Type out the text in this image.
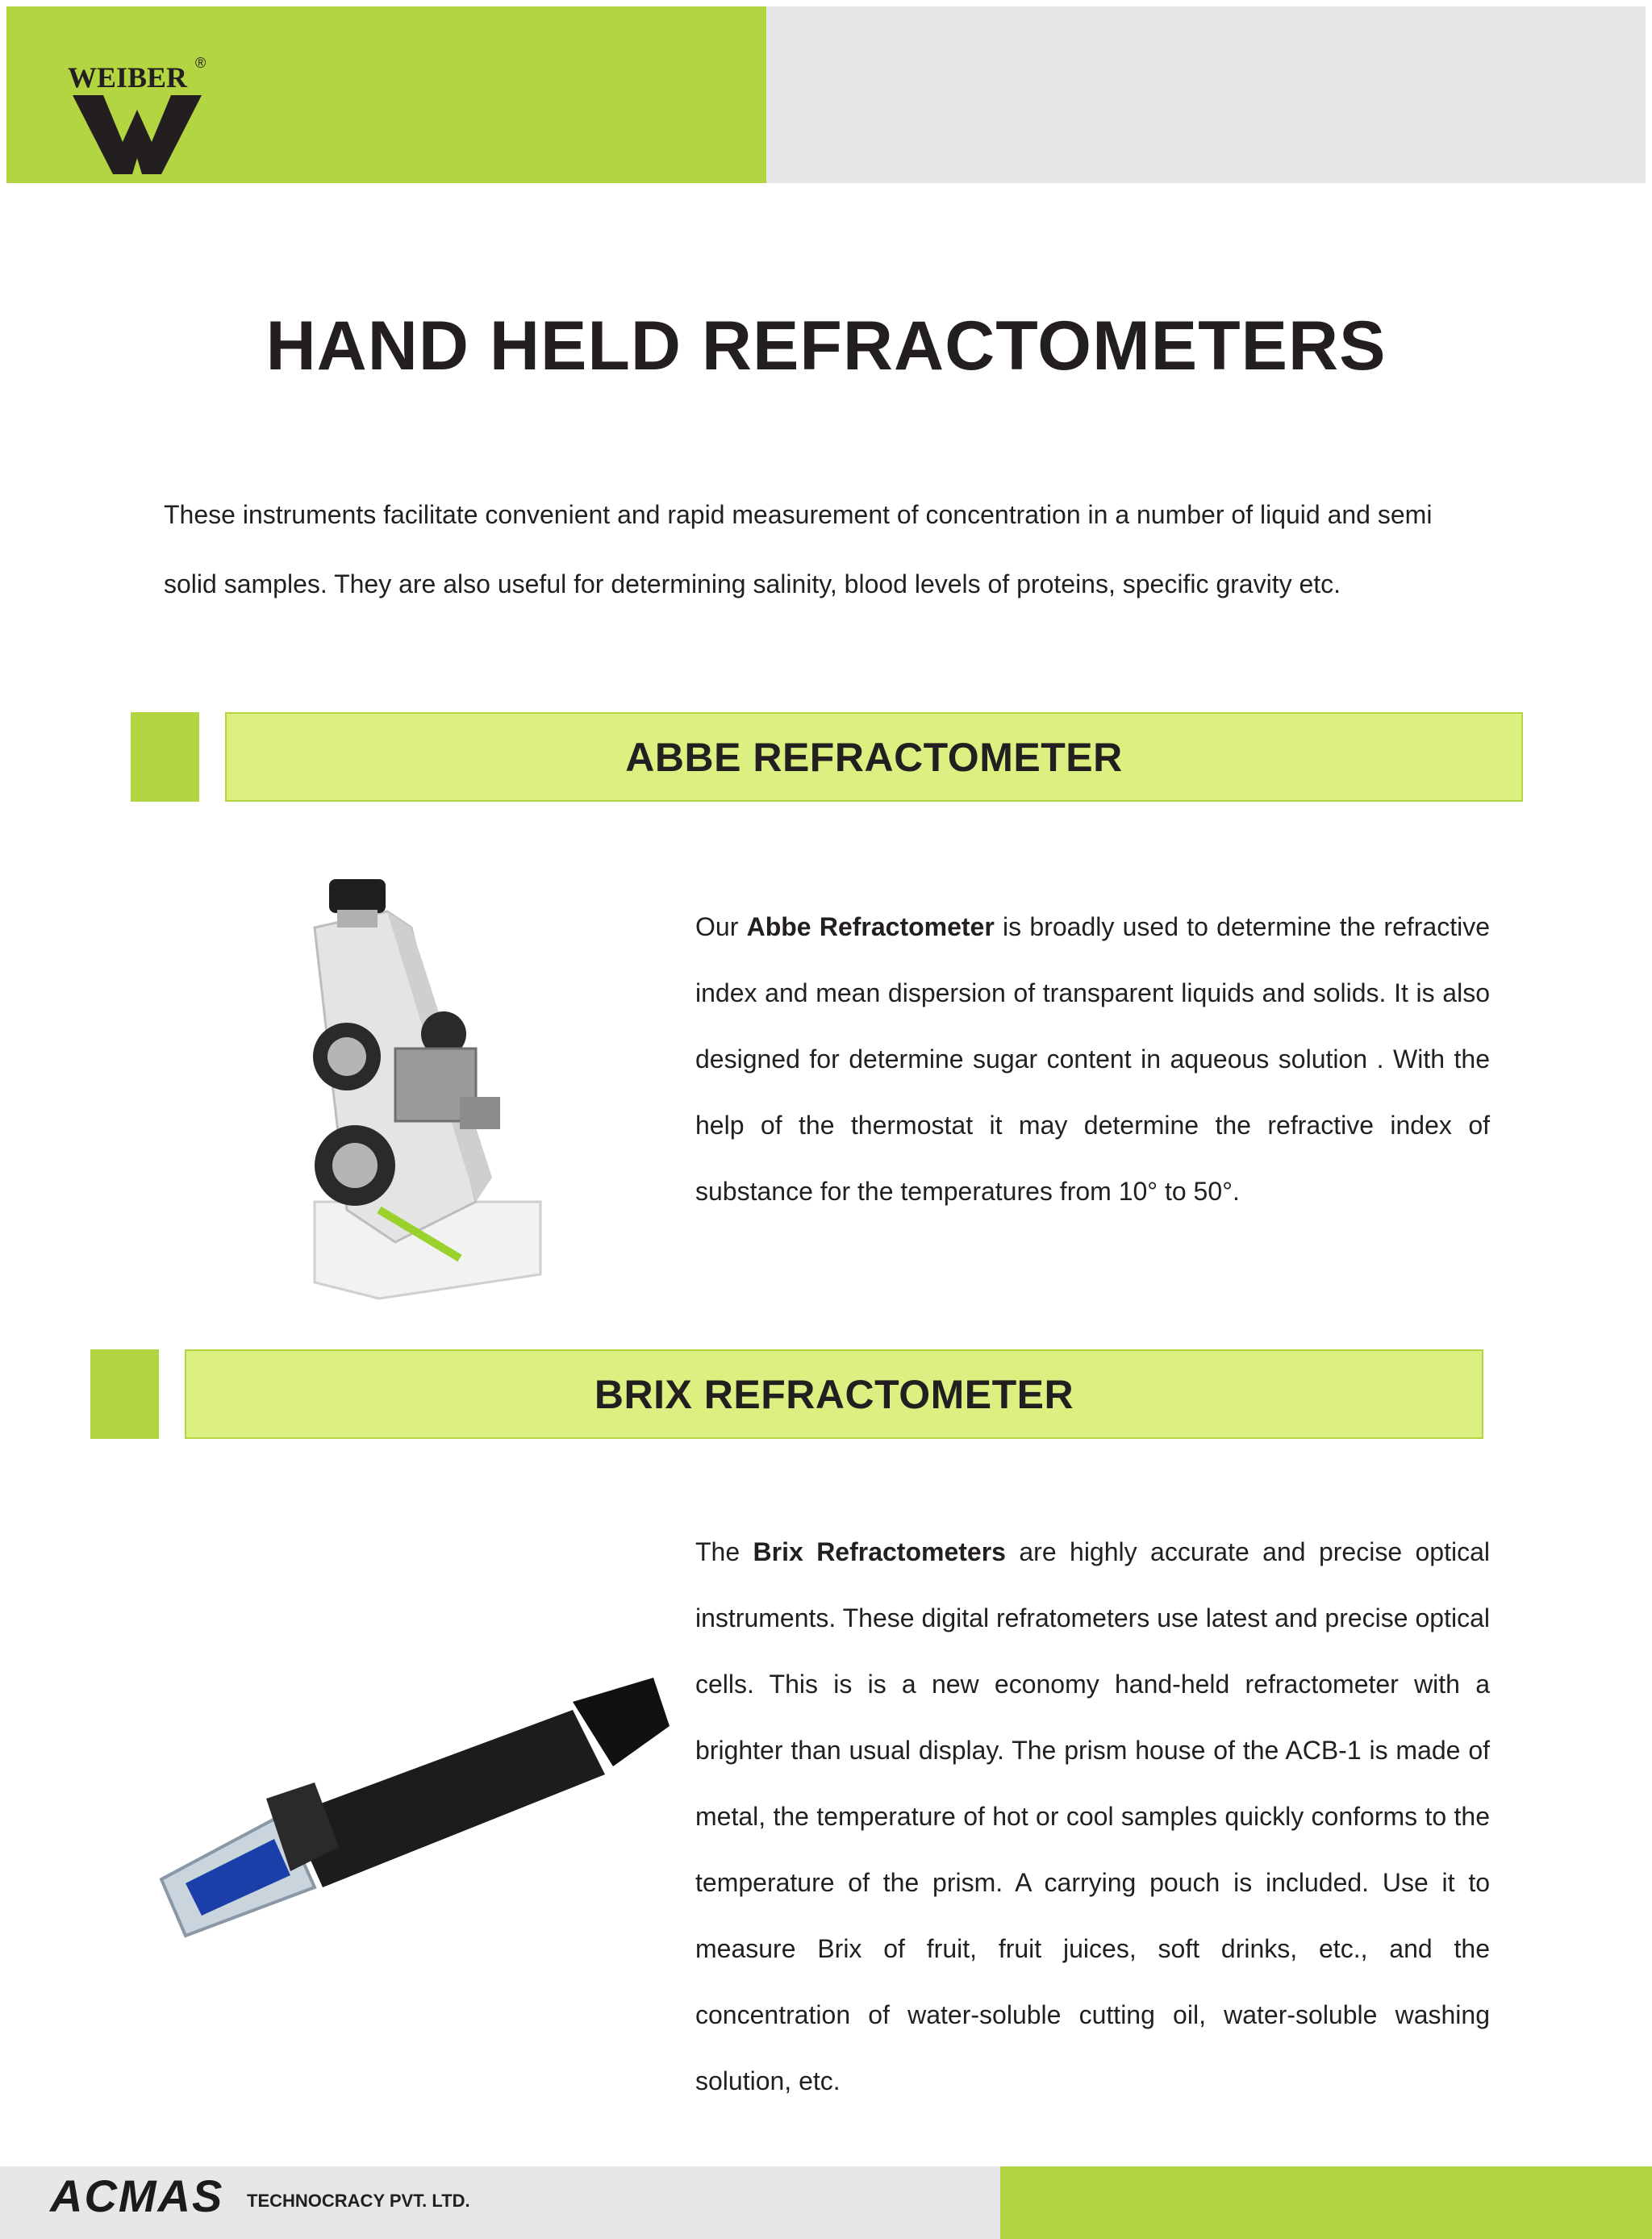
WEIBER ®
HAND HELD REFRACTOMETERS
These instruments facilitate convenient and rapid measurement of concentration in a number of liquid and semi
solid samples. They are also useful for determining salinity, blood levels of proteins, specific gravity etc.
ABBE REFRACTOMETER
Our Abbe Refractometer is broadly used to determine the refractive index and mean dispersion of transparent liquids and solids. It is also designed for determine sugar content in aqueous solution . With the help of the thermostat it may determine the refractive index of substance for the temperatures from 10° to 50°.
BRIX REFRACTOMETER
The Brix Refractometers are highly accurate and precise optical instruments. These digital refratometers use latest and precise optical cells. This is is a new economy hand-held refractometer with a brighter than usual display. The prism house of the ACB-1 is made of metal, the temperature of hot or cool samples quickly conforms to the temperature of the prism. A carrying pouch is included. Use it to measure Brix of fruit, fruit juices, soft drinks, etc., and the concentration of water-soluble cutting oil, water-soluble washing solution, etc.
ACMAS TECHNOCRACY PVT. LTD.
